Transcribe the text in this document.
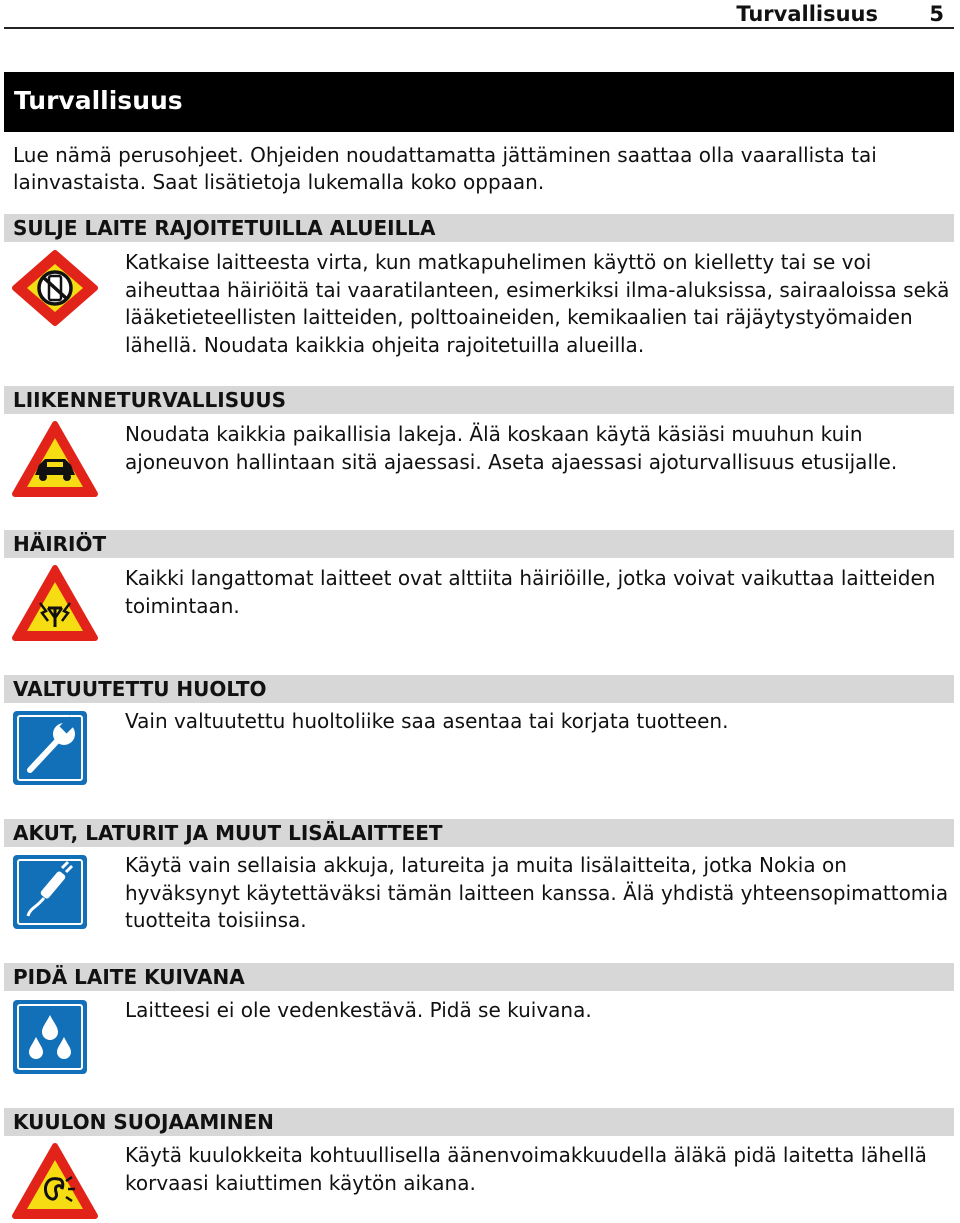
Turvallisuus 5
Turvallisuus
Lue nämä perusohjeet. Ohjeiden noudattamatta jättäminen saattaa olla vaarallista tai lainvastaista. Saat lisätietoja lukemalla koko oppaan.
SULJE LAITE RAJOITETUILLA ALUEILLA
Katkaise laitteesta virta, kun matkapuhelimen käyttö on kielletty tai se voi aiheuttaa häiriöitä tai vaaratilanteen, esimerkiksi ilma-aluksissa, sairaaloissa sekä lääketieteellisten laitteiden, polttoaineiden, kemikaalien tai räjäytystyömaiden lähellä. Noudata kaikkia ohjeita rajoitetuilla alueilla.
LIIKENNETURVALLISUUS
Noudata kaikkia paikallisia lakeja. Älä koskaan käytä käsiäsi muuhun kuin ajoneuvon hallintaan sitä ajaessasi. Aseta ajaessasi ajoturvallisuus etusijalle.
HÄIRIÖT
Kaikki langattomat laitteet ovat alttiita häiriöille, jotka voivat vaikuttaa laitteiden toimintaan.
VALTUUTETTU HUOLTO
Vain valtuutettu huoltoliike saa asentaa tai korjata tuotteen.
AKUT, LATURIT JA MUUT LISÄLAITTEET
Käytä vain sellaisia akkuja, latureita ja muita lisälaitteita, jotka Nokia on hyväksynyt käytettäväksi tämän laitteen kanssa. Älä yhdistä yhteensopimattomia tuotteita toisiinsa.
PIDÄ LAITE KUIVANA
Laitteesi ei ole vedenkestävä. Pidä se kuivana.
KUULON SUOJAAMINEN
Käytä kuulokkeita kohtuullisella äänenvoimakkuudella äläkä pidä laitetta lähellä korvaasi kaiuttimen käytön aikana.
